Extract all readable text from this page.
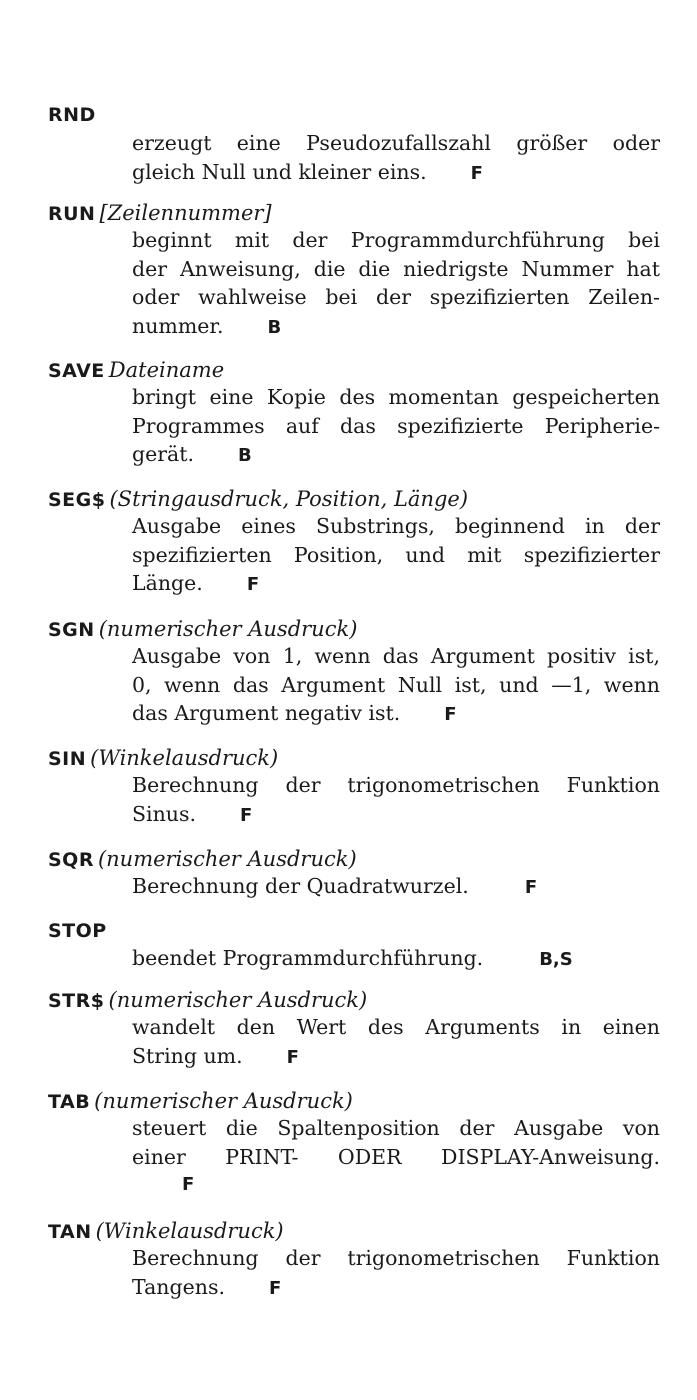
RND
erzeugt eine Pseudozufallszahl größer oder
gleich Null und kleiner eins. F
RUN [Zeilennummer]
beginnt mit der Programmdurchführung bei
der Anweisung, die die niedrigste Nummer hat
oder wahlweise bei der spezifizierten Zeilen-
nummer. B
SAVE Dateiname
bringt eine Kopie des momentan gespeicherten
Programmes auf das spezifizierte Peripherie-
gerät. B
SEG$ (Stringausdruck, Position, Länge)
Ausgabe eines Substrings, beginnend in der
spezifizierten Position, und mit spezifizierter
Länge. F
SGN (numerischer Ausdruck)
Ausgabe von 1, wenn das Argument positiv ist,
0, wenn das Argument Null ist, und —1, wenn
das Argument negativ ist. F
SIN (Winkelausdruck)
Berechnung der trigonometrischen Funktion
Sinus. F
SQR (numerischer Ausdruck)
Berechnung der Quadratwurzel.	F
STOP
beendet Programmdurchführung.	B,S
STR$ (numerischer Ausdruck)
wandelt den Wert des Arguments in einen
String um. F
TAB (numerischer Ausdruck)
steuert die Spaltenposition der Ausgabe von
einer PRINT- ODER DISPLAY-Anweisung.
F
TAN (Winkelausdruck)
Berechnung der trigonometrischen Funktion
Tangens. F
